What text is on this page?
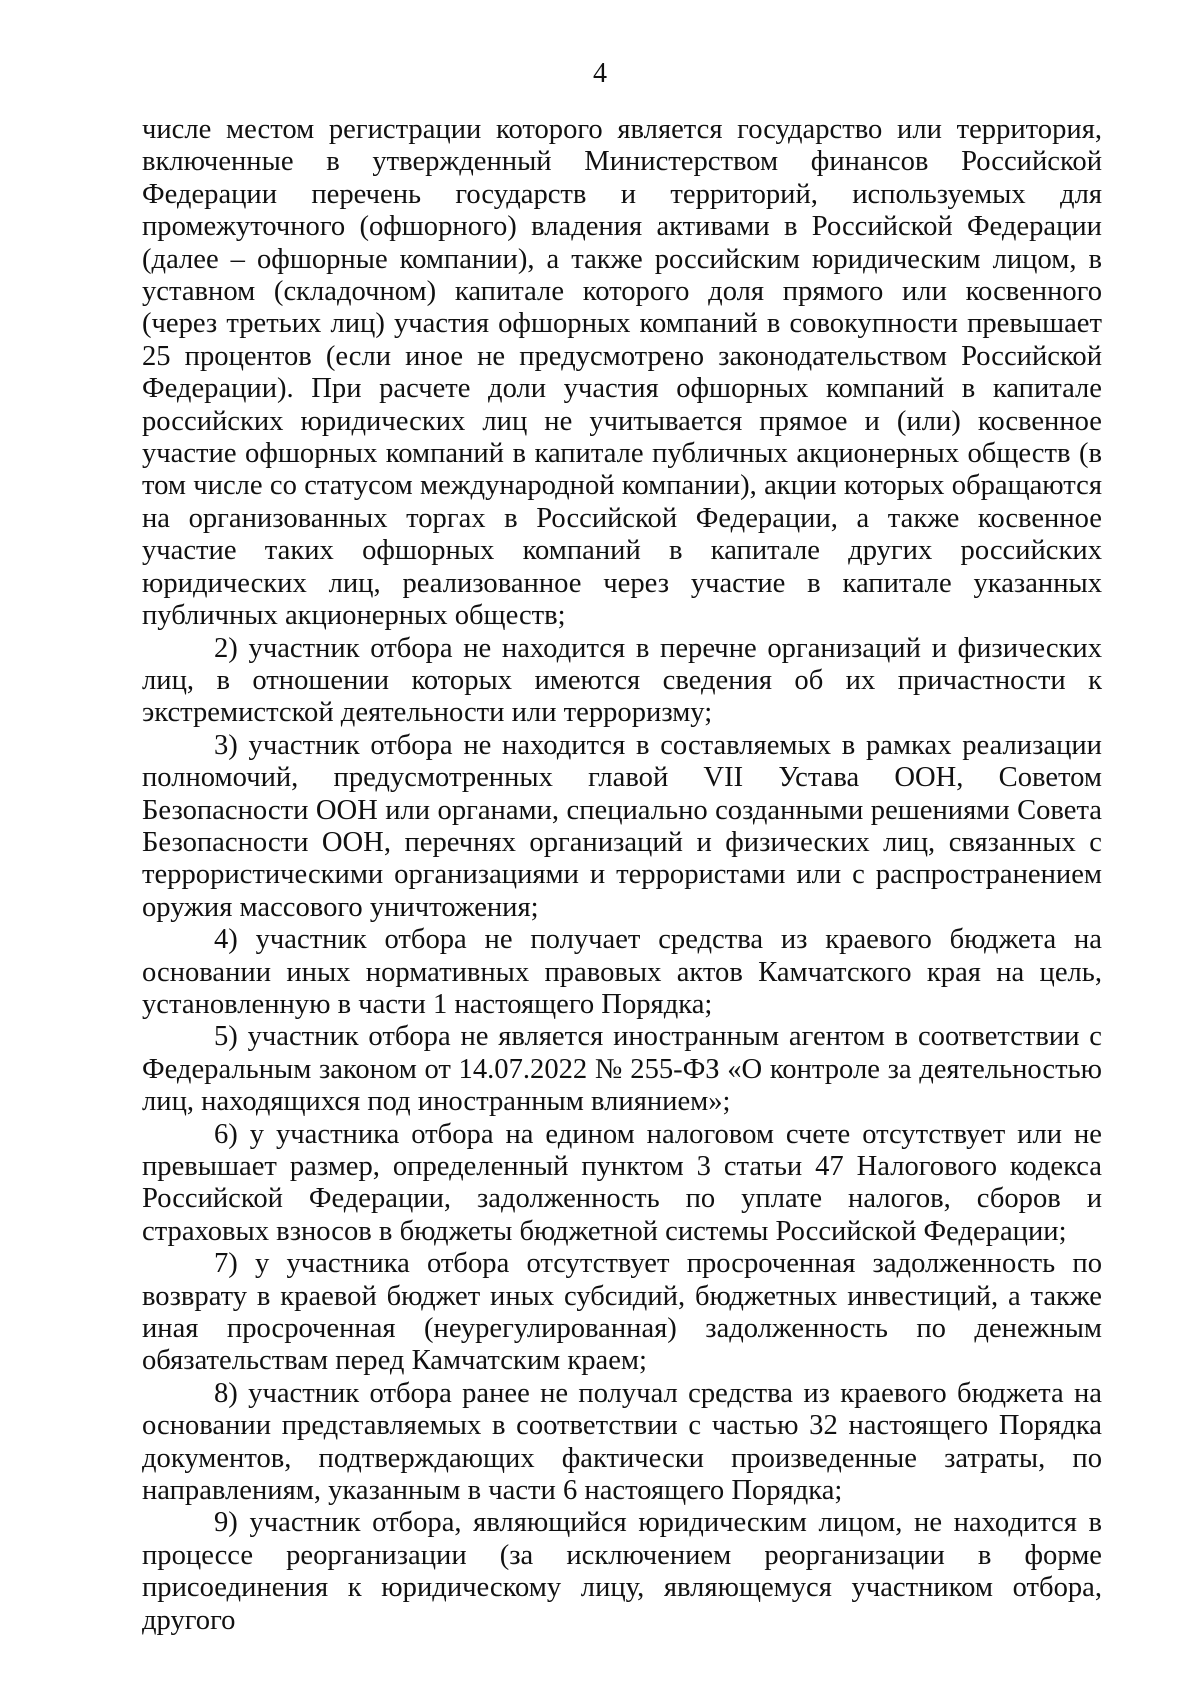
4

числе местом регистрации которого является государство или территория, включенные в утвержденный Министерством финансов Российской Федерации перечень государств и территорий, используемых для промежуточного (офшорного) владения активами в Российской Федерации (далее – офшорные компании), а также российским юридическим лицом, в уставном (складочном) капитале которого доля прямого или косвенного (через третьих лиц) участия офшорных компаний в совокупности превышает 25 процентов (если иное не предусмотрено законодательством Российской Федерации). При расчете доли участия офшорных компаний в капитале российских юридических лиц не учитывается прямое и (или) косвенное участие офшорных компаний в капитале публичных акционерных обществ (в том числе со статусом международной компании), акции которых обращаются на организованных торгах в Российской Федерации, а также косвенное участие таких офшорных компаний в капитале других российских юридических лиц, реализованное через участие в капитале указанных публичных акционерных обществ;

2) участник отбора не находится в перечне организаций и физических лиц, в отношении которых имеются сведения об их причастности к экстремистской деятельности или терроризму;

3) участник отбора не находится в составляемых в рамках реализации полномочий, предусмотренных главой VII Устава ООН, Советом Безопасности ООН или органами, специально созданными решениями Совета Безопасности ООН, перечнях организаций и физических лиц, связанных с террористическими организациями и террористами или с распространением оружия массового уничтожения;

4) участник отбора не получает средства из краевого бюджета на основании иных нормативных правовых актов Камчатского края на цель, установленную в части 1 настоящего Порядка;

5) участник отбора не является иностранным агентом в соответствии с Федеральным законом от 14.07.2022 № 255-ФЗ «О контроле за деятельностью лиц, находящихся под иностранным влиянием»;

6) у участника отбора на едином налоговом счете отсутствует или не превышает размер, определенный пунктом 3 статьи 47 Налогового кодекса Российской Федерации, задолженность по уплате налогов, сборов и страховых взносов в бюджеты бюджетной системы Российской Федерации;

7) у участника отбора отсутствует просроченная задолженность по возврату в краевой бюджет иных субсидий, бюджетных инвестиций, а также иная просроченная (неурегулированная) задолженность по денежным обязательствам перед Камчатским краем;

8) участник отбора ранее не получал средства из краевого бюджета на основании представляемых в соответствии с частью 32 настоящего Порядка документов, подтверждающих фактически произведенные затраты, по направлениям, указанным в части 6 настоящего Порядка;

9) участник отбора, являющийся юридическим лицом, не находится в процессе реорганизации (за исключением реорганизации в форме присоединения к юридическому лицу, являющемуся участником отбора, другого
